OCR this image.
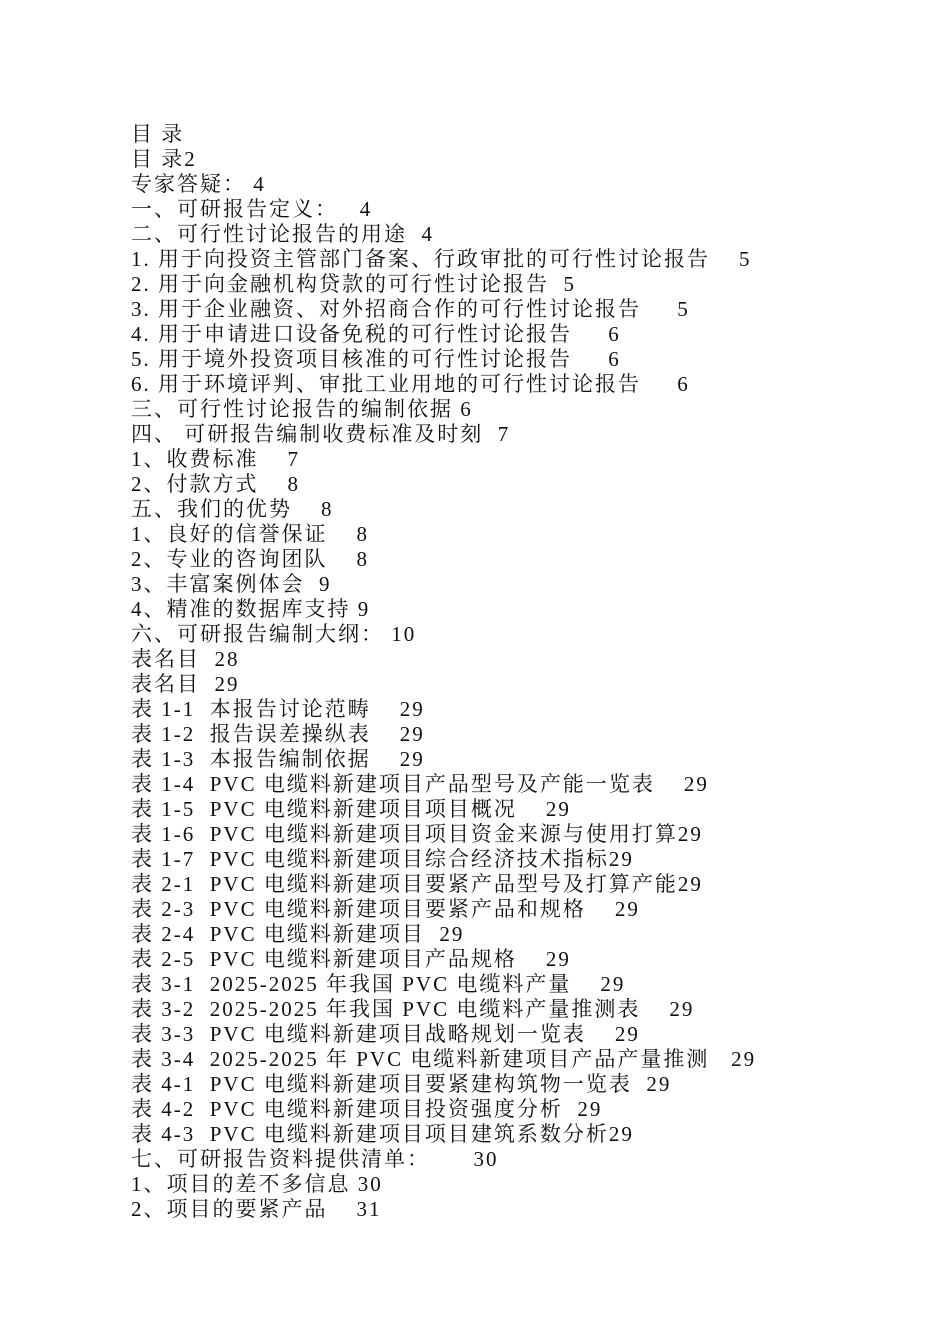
目 录
目 录2
专家答疑： 4
一、可研报告定义： 4
二、可行性讨论报告的用途 4
1. 用于向投资主管部门备案、行政审批的可行性讨论报告 5
2. 用于向金融机构贷款的可行性讨论报告 5
3. 用于企业融资、对外招商合作的可行性讨论报告 5
4. 用于申请进口设备免税的可行性讨论报告 6
5. 用于境外投资项目核准的可行性讨论报告 6
6. 用于环境评判、审批工业用地的可行性讨论报告 6
三、可行性讨论报告的编制依据 6
四、 可研报告编制收费标准及时刻 7
1、收费标准 7
2、付款方式 8
五、我们的优势 8
1、良好的信誉保证 8
2、专业的咨询团队 8
3、丰富案例体会 9
4、精准的数据库支持 9
六、可研报告编制大纲： 10
表名目 28
表名目 29
表 1-1  本报告讨论范畴 29
表 1-2  报告误差操纵表 29
表 1-3  本报告编制依据 29
表 1-4  PVC 电缆料新建项目产品型号及产能一览表 29
表 1-5  PVC 电缆料新建项目项目概况 29
表 1-6  PVC 电缆料新建项目项目资金来源与使用打算29
表 1-7  PVC 电缆料新建项目综合经济技术指标29
表 2-1  PVC 电缆料新建项目要紧产品型号及打算产能29
表 2-3  PVC 电缆料新建项目要紧产品和规格 29
表 2-4  PVC 电缆料新建项目 29
表 2-5  PVC 电缆料新建项目产品规格 29
表 3-1  2025-2025 年我国 PVC 电缆料产量 29
表 3-2  2025-2025 年我国 PVC 电缆料产量推测表 29
表 3-3  PVC 电缆料新建项目战略规划一览表 29
表 3-4  2025-2025 年 PVC 电缆料新建项目产品产量推测 29
表 4-1  PVC 电缆料新建项目要紧建构筑物一览表 29
表 4-2  PVC 电缆料新建项目投资强度分析 29
表 4-3  PVC 电缆料新建项目项目建筑系数分析29
七、可研报告资料提供清单： 30
1、项目的差不多信息 30
2、项目的要紧产品 31
